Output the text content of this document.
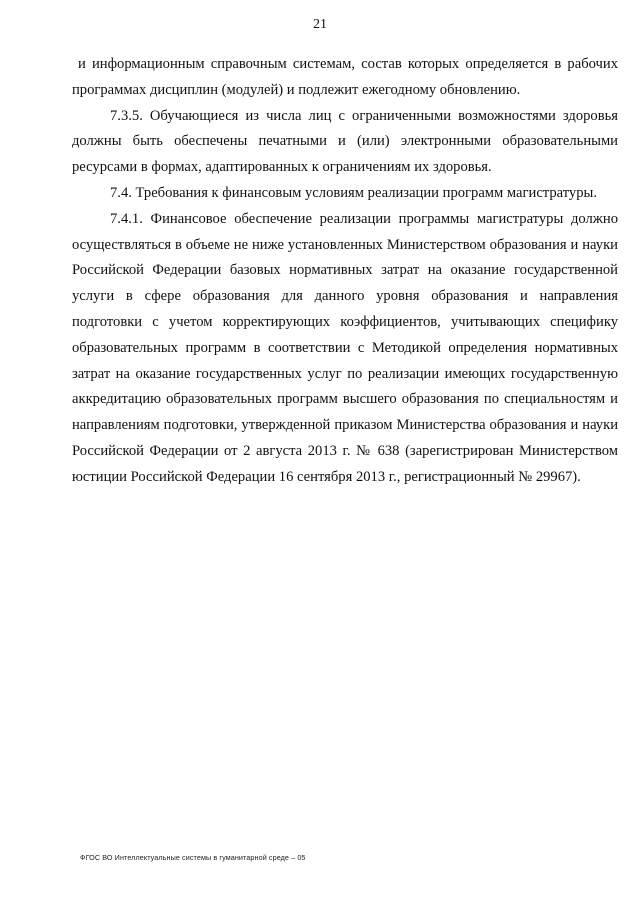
21

и информационным справочным системам, состав которых определяется в рабочих программах дисциплин (модулей) и подлежит ежегодному обновлению.

7.3.5. Обучающиеся из числа лиц с ограниченными возможностями здоровья должны быть обеспечены печатными и (или) электронными образовательными ресурсами в формах, адаптированных к ограничениям их здоровья.

7.4. Требования к финансовым условиям реализации программ магистратуры.

7.4.1. Финансовое обеспечение реализации программы магистратуры должно осуществляться в объеме не ниже установленных Министерством образования и науки Российской Федерации базовых нормативных затрат на оказание государственной услуги в сфере образования для данного уровня образования и направления подготовки с учетом корректирующих коэффициентов, учитывающих специфику образовательных программ в соответствии с Методикой определения нормативных затрат на оказание государственных услуг по реализации имеющих государственную аккредитацию образовательных программ высшего образования по специальностям и направлениям подготовки, утвержденной приказом Министерства образования и науки Российской Федерации от 2 августа 2013 г. № 638 (зарегистрирован Министерством юстиции Российской Федерации 16 сентября 2013 г., регистрационный № 29967).

ФГОС ВО Интеллектуальные системы в гуманитарной среде – 05
